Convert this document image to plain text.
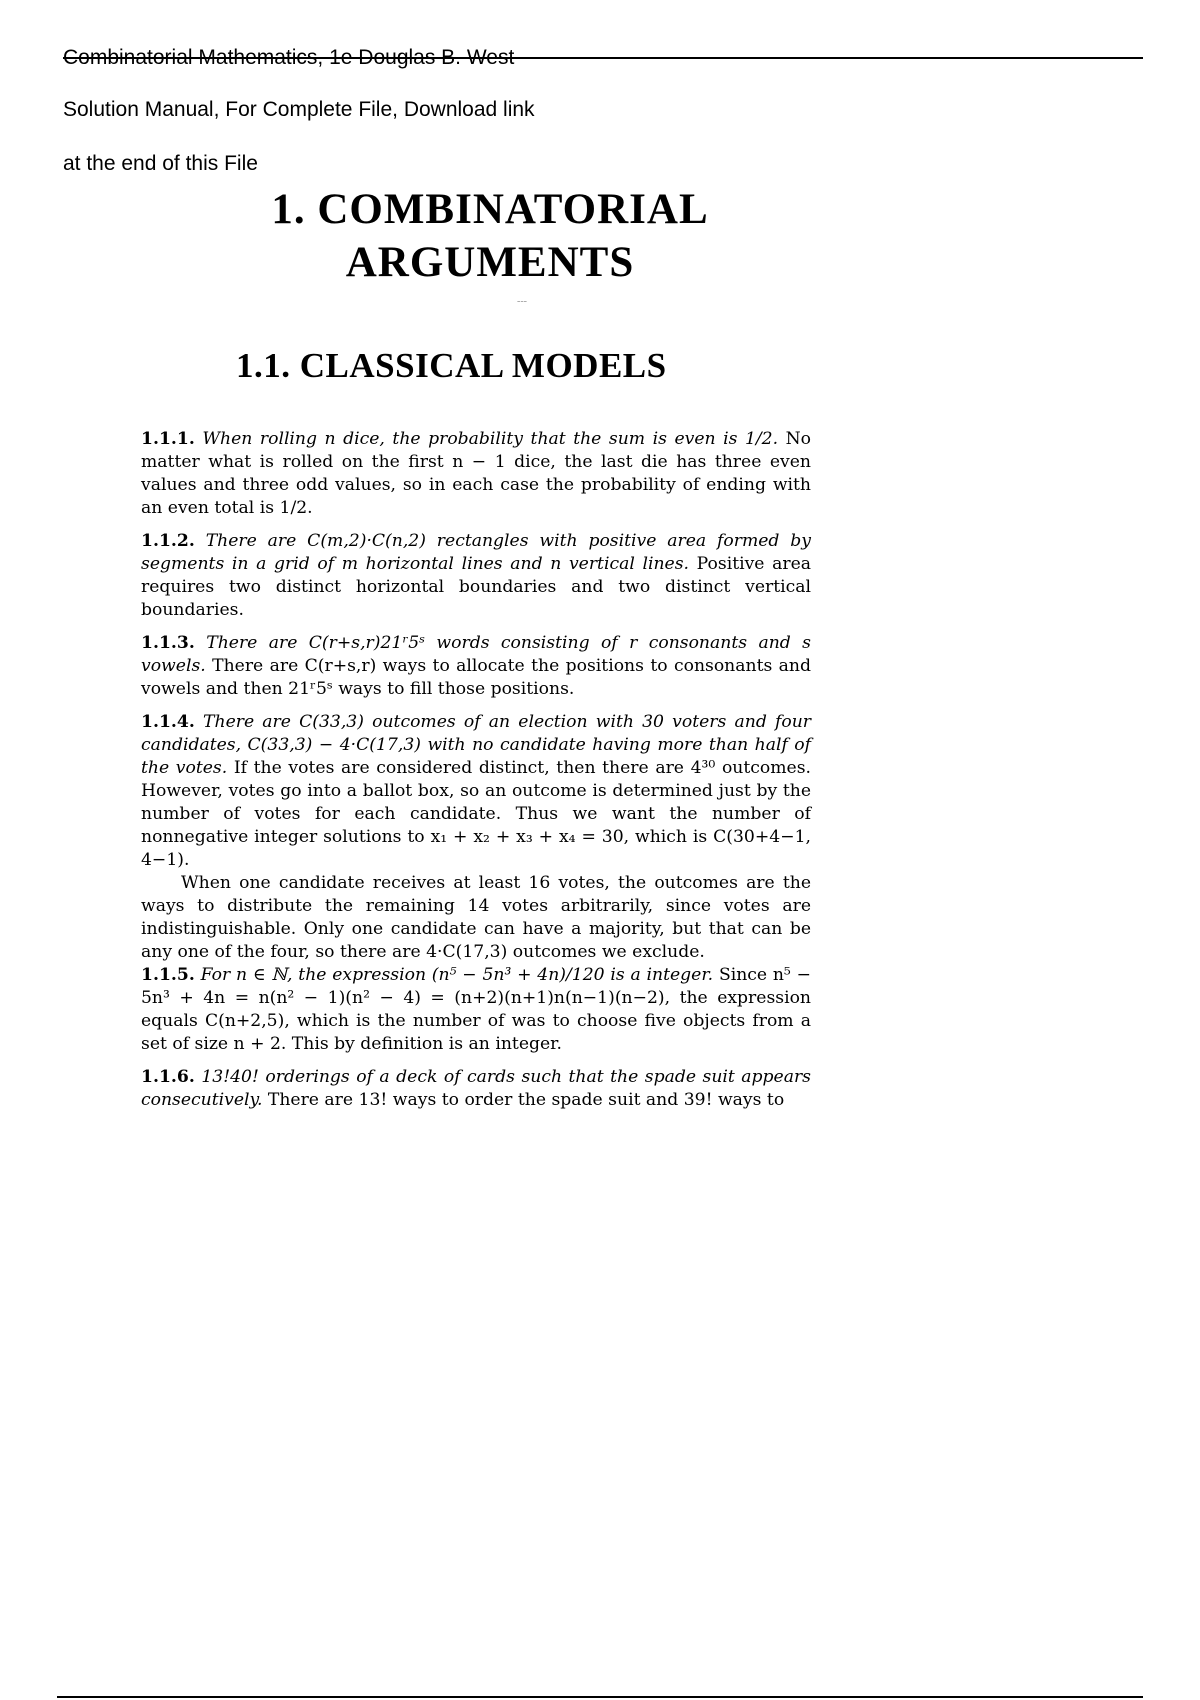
Combinatorial Mathematics, 1e Douglas B. West
Solution Manual, For Complete File, Download link
at the end of this File
1. COMBINATORIAL
ARGUMENTS
---
1.1. CLASSICAL MODELS

1.1.1. When rolling n dice, the probability that the sum is even is 1/2. No matter what is rolled on the first n − 1 dice, the last die has three even values and three odd values, so in each case the probability of ending with an even total is 1/2.

1.1.2. There are C(m,2)·C(n,2) rectangles with positive area formed by segments in a grid of m horizontal lines and n vertical lines. Positive area requires two distinct horizontal boundaries and two distinct vertical boundaries.

1.1.3. There are C(r+s,r)21ʳ5ˢ words consisting of r consonants and s vowels. There are C(r+s,r) ways to allocate the positions to consonants and vowels and then 21ʳ5ˢ ways to fill those positions.

1.1.4. There are C(33,3) outcomes of an election with 30 voters and four candidates, C(33,3) − 4·C(17,3) with no candidate having more than half of the votes. If the votes are considered distinct, then there are 4³⁰ outcomes. However, votes go into a ballot box, so an outcome is determined just by the number of votes for each candidate. Thus we want the number of nonnegative integer solutions to x₁ + x₂ + x₃ + x₄ = 30, which is C(30+4−1, 4−1).

When one candidate receives at least 16 votes, the outcomes are the ways to distribute the remaining 14 votes arbitrarily, since votes are indistinguishable. Only one candidate can have a majority, but that can be any one of the four, so there are 4·C(17,3) outcomes we exclude.

1.1.5. For n ∈ ℕ, the expression (n⁵ − 5n³ + 4n)/120 is a integer. Since n⁵ − 5n³ + 4n = n(n² − 1)(n² − 4) = (n+2)(n+1)n(n−1)(n−2), the expression equals C(n+2,5), which is the number of was to choose five objects from a set of size n + 2. This by definition is an integer.

1.1.6. 13!40! orderings of a deck of cards such that the spade suit appears consecutively. There are 13! ways to order the spade suit and 39! ways to
